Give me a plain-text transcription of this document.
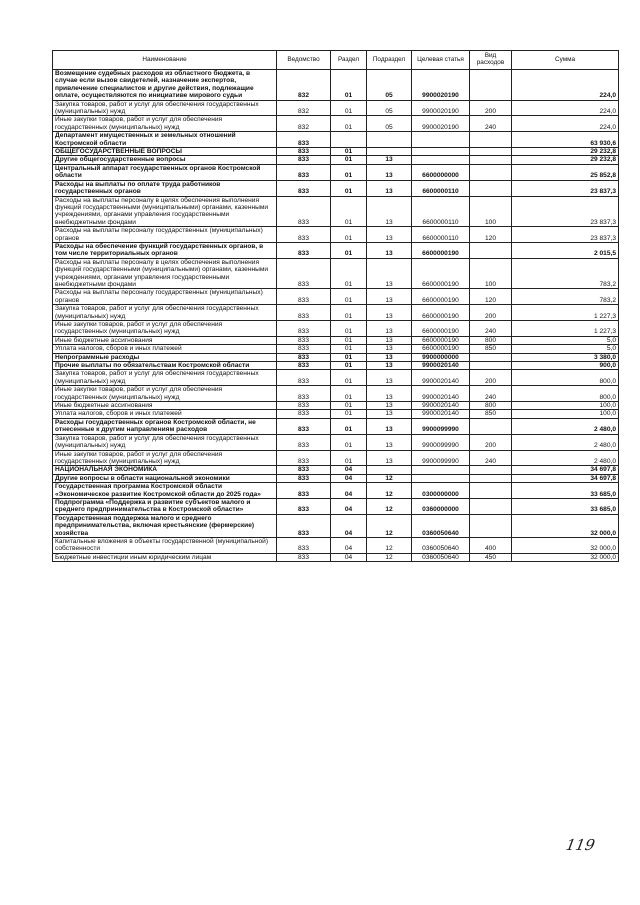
Наименование	Ведомство	Раздел	Подраздел	Целевая статья	Вид расходов	Сумма
Возмещение судебных расходов из областного бюджета, в случае если вызов свидетелей, назначение экспертов, привлечение специалистов и другие действия, подлежащие оплате, осуществляются по инициативе мирового судьи	832	01	05	9900020190		224,0
Закупка товаров, работ и услуг для обеспечения государственных (муниципальных) нужд	832	01	05	9900020190	200	224,0
Иные закупки товаров, работ и услуг для обеспечения государственных (муниципальных) нужд	832	01	05	9900020190	240	224,0
Департамент имущественных и земельных отношений Костромской области	833					63 930,6
ОБЩЕГОСУДАРСТВЕННЫЕ ВОПРОСЫ	833	01				29 232,8
Другие общегосударственные вопросы	833	01	13			29 232,8
Центральный аппарат государственных органов Костромской области	833	01	13	6600000000		25 852,8
Расходы на выплаты по оплате труда работников государственных органов	833	01	13	6600000110		23 837,3
Расходы на выплаты персоналу в целях обеспечения выполнения функций государственными (муниципальными) органами, казенными учреждениями, органами управления государственными внебюджетными фондами	833	01	13	6600000110	100	23 837,3
Расходы на выплаты персоналу государственных (муниципальных) органов	833	01	13	6600000110	120	23 837,3
Расходы на обеспечение функций государственных органов, в том числе территориальных органов	833	01	13	6600000190		2 015,5
Расходы на выплаты персоналу в целях обеспечения выполнения функций государственными (муниципальными) органами, казенными учреждениями, органами управления государственными внебюджетными фондами	833	01	13	6600000190	100	783,2
Расходы на выплаты персоналу государственных (муниципальных) органов	833	01	13	6600000190	120	783,2
Закупка товаров, работ и услуг для обеспечения государственных (муниципальных) нужд	833	01	13	6600000190	200	1 227,3
Иные закупки товаров, работ и услуг для обеспечения государственных (муниципальных) нужд	833	01	13	6600000190	240	1 227,3
Иные бюджетные ассигнования	833	01	13	6600000190	800	5,0
Уплата налогов, сборов и иных платежей	833	01	13	6600000190	850	5,0
Непрограммные расходы	833	01	13	9900000000		3 380,0
Прочие выплаты по обязательствам Костромской области	833	01	13	9900020140		900,0
Закупка товаров, работ и услуг для обеспечения государственных (муниципальных) нужд	833	01	13	9900020140	200	800,0
Иные закупки товаров, работ и услуг для обеспечения государственных (муниципальных) нужд	833	01	13	9900020140	240	800,0
Иные бюджетные ассигнования	833	01	13	9900020140	800	100,0
Уплата налогов, сборов и иных платежей	833	01	13	9900020140	850	100,0
Расходы государственных органов Костромской области, не отнесенные к другим направлениям расходов	833	01	13	9900099990		2 480,0
Закупка товаров, работ и услуг для обеспечения государственных (муниципальных) нужд	833	01	13	9900099990	200	2 480,0
Иные закупки товаров, работ и услуг для обеспечения государственных (муниципальных) нужд	833	01	13	9900099990	240	2 480,0
НАЦИОНАЛЬНАЯ ЭКОНОМИКА	833	04				34 697,8
Другие вопросы в области национальной экономики	833	04	12			34 697,8
Государственная программа Костромской области «Экономическое развитие Костромской области до 2025 года»	833	04	12	0300000000		33 685,0
Подпрограмма «Поддержка и развитие субъектов малого и среднего предпринимательства в Костромской области»	833	04	12	0360000000		33 685,0
Государственная поддержка малого и среднего предпринимательства, включая крестьянские (фермерские) хозяйства	833	04	12	0360050640		32 000,0
Капитальные вложения в объекты государственной (муниципальной) собственности	833	04	12	0360050640	400	32 000,0
Бюджетные инвестиции иным юридическим лицам	833	04	12	0360050640	450	32 000,0
119
